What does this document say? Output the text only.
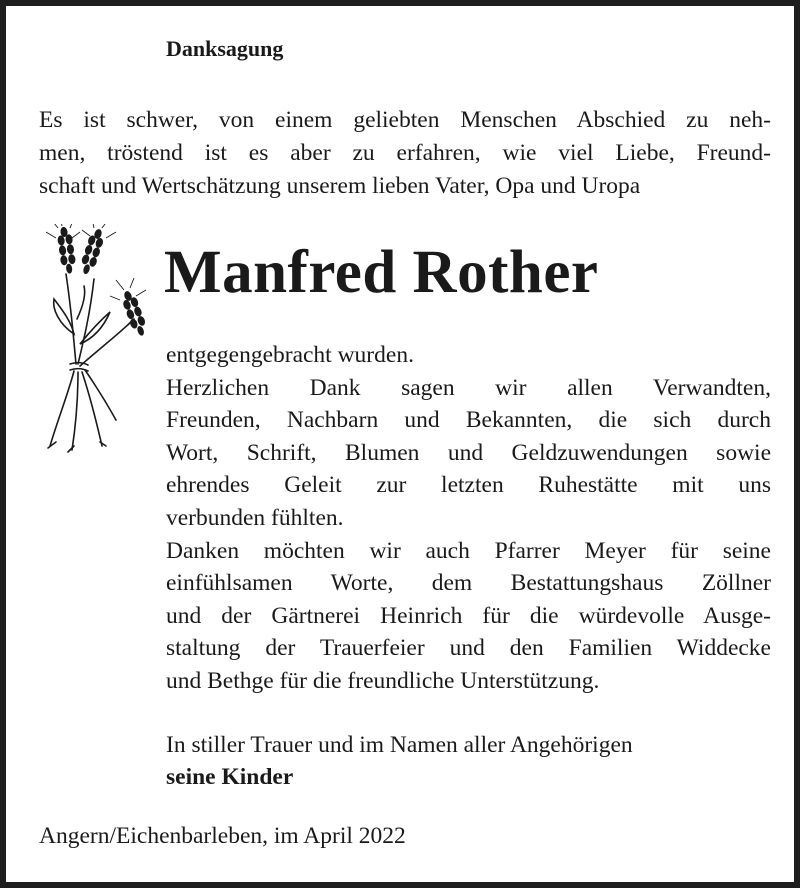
Danksagung
Es ist schwer, von einem geliebten Menschen Abschied zu neh-
men, tröstend ist es aber zu erfahren, wie viel Liebe, Freund-
schaft und Wertschätzung unserem lieben Vater, Opa und Uropa
Manfred Rother
entgegengebracht wurden.
Herzlichen Dank sagen wir allen Verwandten,
Freunden, Nachbarn und Bekannten, die sich durch
Wort, Schrift, Blumen und Geldzuwendungen sowie
ehrendes Geleit zur letzten Ruhestätte mit uns
verbunden fühlten.
Danken möchten wir auch Pfarrer Meyer für seine
einfühlsamen Worte, dem Bestattungshaus Zöllner
und der Gärtnerei Heinrich für die würdevolle Ausge-
staltung der Trauerfeier und den Familien Widdecke
und Bethge für die freundliche Unterstützung.
In stiller Trauer und im Namen aller Angehörigen
seine Kinder
Angern/Eichenbarleben, im April 2022
